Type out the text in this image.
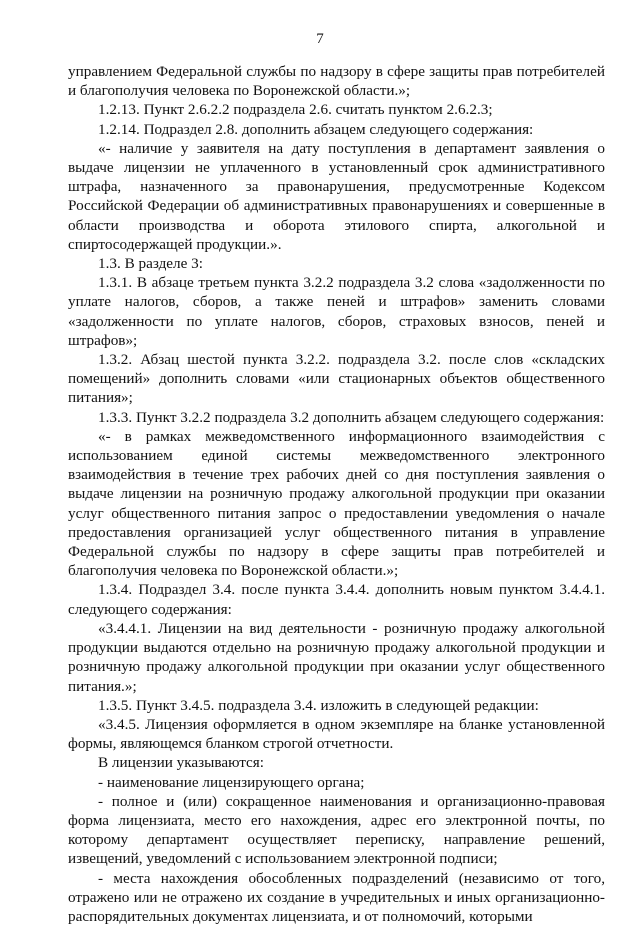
7

управлением Федеральной службы по надзору в сфере защиты прав потребителей и благополучия человека по Воронежской области.»;

1.2.13. Пункт 2.6.2.2 подраздела 2.6. считать пунктом 2.6.2.3;

1.2.14. Подраздел 2.8. дополнить абзацем следующего содержания:

«- наличие у заявителя на дату поступления в департамент заявления о выдаче лицензии не уплаченного в установленный срок административного штрафа, назначенного за правонарушения, предусмотренные Кодексом Российской Федерации об административных правонарушениях и совершенные в области производства и оборота этилового спирта, алкогольной и спиртосодержащей продукции.».

1.3. В разделе 3:

1.3.1. В абзаце третьем пункта 3.2.2 подраздела 3.2 слова «задолженности по уплате налогов, сборов, а также пеней и штрафов» заменить словами «задолженности по уплате налогов, сборов, страховых взносов, пеней и штрафов»;

1.3.2. Абзац шестой пункта 3.2.2. подраздела 3.2. после слов «складских помещений» дополнить словами «или стационарных объектов общественного питания»;

1.3.3. Пункт 3.2.2 подраздела 3.2 дополнить абзацем следующего содержания:

«- в рамках межведомственного информационного взаимодействия с использованием единой системы межведомственного электронного взаимодействия в течение трех рабочих дней со дня поступления заявления о выдаче лицензии на розничную продажу алкогольной продукции при оказании услуг общественного питания запрос о предоставлении уведомления о начале предоставления организацией услуг общественного питания в управление Федеральной службы по надзору в сфере защиты прав потребителей и благополучия человека по Воронежской области.»;

1.3.4. Подраздел 3.4. после пункта 3.4.4. дополнить новым пунктом 3.4.4.1. следующего содержания:

«3.4.4.1. Лицензии на вид деятельности - розничную продажу алкогольной продукции выдаются отдельно на розничную продажу алкогольной продукции и розничную продажу алкогольной продукции при оказании услуг общественного питания.»;

1.3.5. Пункт 3.4.5. подраздела 3.4. изложить в следующей редакции:

«3.4.5. Лицензия оформляется в одном экземпляре на бланке установленной формы, являющемся бланком строгой отчетности.

В лицензии указываются:

- наименование лицензирующего органа;

- полное и (или) сокращенное наименования и организационно-правовая форма лицензиата, место его нахождения, адрес его электронной почты, по которому департамент осуществляет переписку, направление решений, извещений, уведомлений с использованием электронной подписи;

- места нахождения обособленных подразделений (независимо от того, отражено или не отражено их создание в учредительных и иных организационно-распорядительных документах лицензиата, и от полномочий, которыми
